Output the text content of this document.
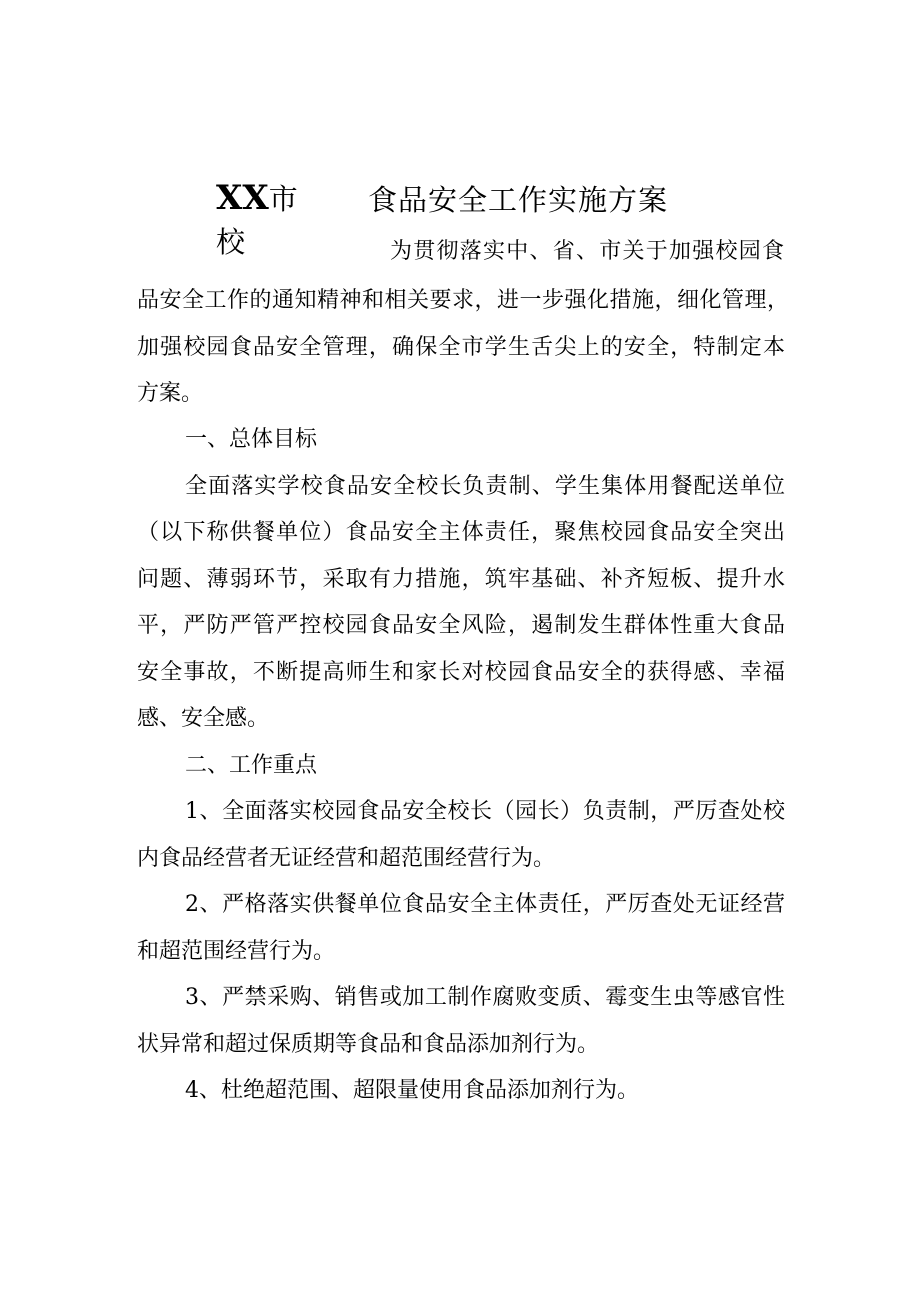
XX市	食品安全工作实施方案
校	为贯彻落实中、省、市关于加强校园食
品安全工作的通知精神和相关要求，进一步强化措施，细化管理，
加强校园食品安全管理，确保全市学生舌尖上的安全，特制定本
方案。
一、总体目标
全面落实学校食品安全校长负责制、学生集体用餐配送单位
（以下称供餐单位）食品安全主体责任，聚焦校园食品安全突出
问题、薄弱环节，采取有力措施，筑牢基础、补齐短板、提升水
平，严防严管严控校园食品安全风险，遏制发生群体性重大食品
安全事故，不断提高师生和家长对校园食品安全的获得感、幸福
感、安全感。
二、工作重点
1、全面落实校园食品安全校长（园长）负责制，严厉查处校
内食品经营者无证经营和超范围经营行为。
2、严格落实供餐单位食品安全主体责任，严厉查处无证经营
和超范围经营行为。
3、严禁采购、销售或加工制作腐败变质、霉变生虫等感官性
状异常和超过保质期等食品和食品添加剂行为。
4、杜绝超范围、超限量使用食品添加剂行为。
